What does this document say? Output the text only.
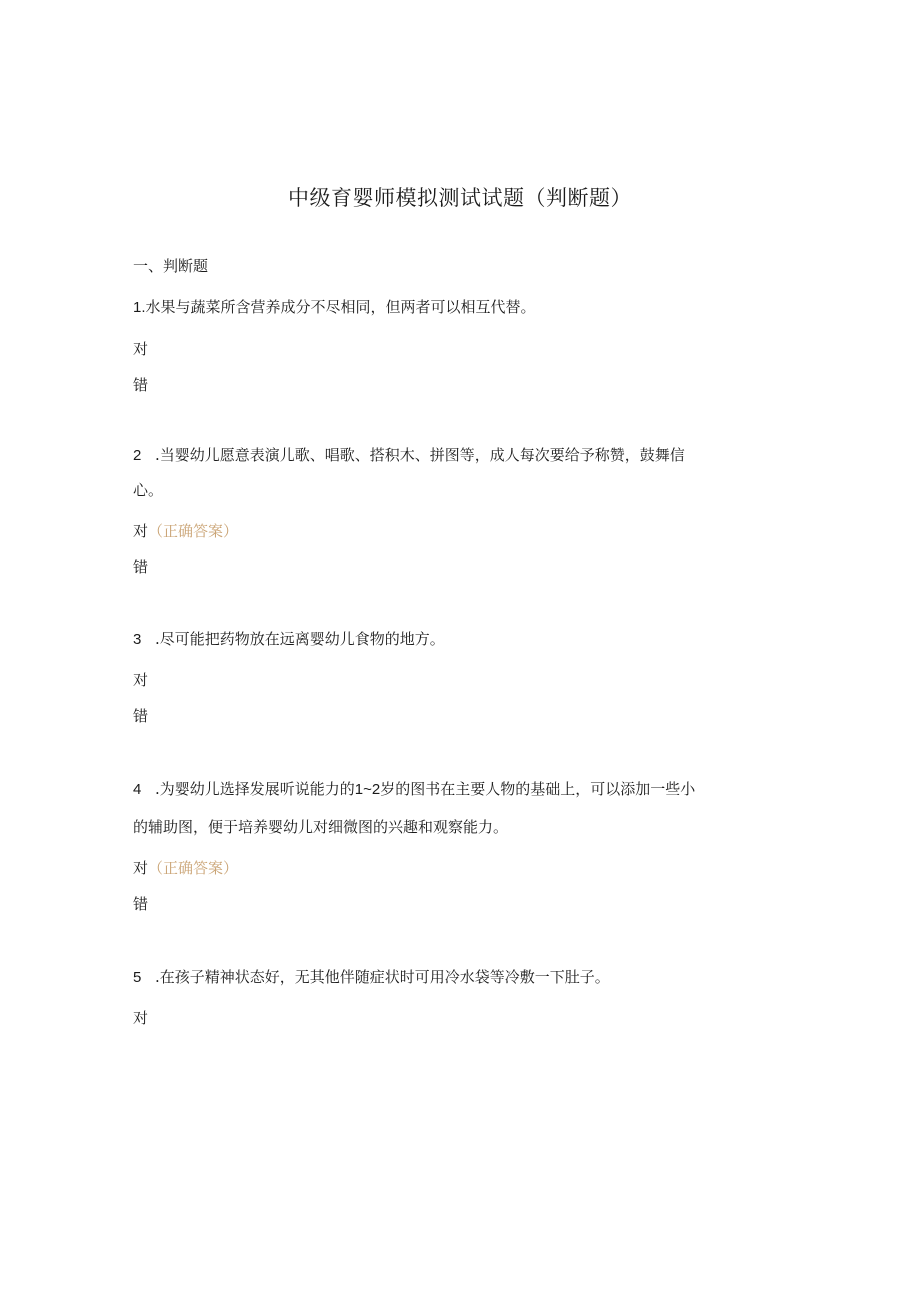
中级育婴师模拟测试试题（判断题）
一、判断题
1.水果与蔬菜所含营养成分不尽相同，但两者可以相互代替。
对
错
2 .当婴幼儿愿意表演儿歌、唱歌、搭积木、拼图等，成人每次要给予称赞，鼓舞信
心。
对（正确答案）
错
3 .尽可能把药物放在远离婴幼儿食物的地方。
对
错
4 .为婴幼儿选择发展听说能力的1~2岁的图书在主要人物的基础上，可以添加一些小
的辅助图，便于培养婴幼儿对细微图的兴趣和观察能力。
对（正确答案）
错
5 .在孩子精神状态好，无其他伴随症状时可用冷水袋等冷敷一下肚子。
对
